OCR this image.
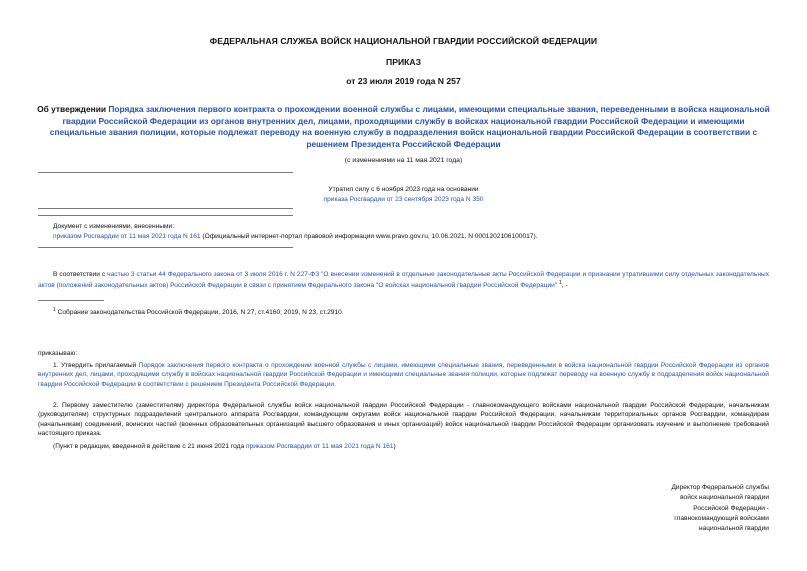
ФЕДЕРАЛЬНАЯ СЛУЖБА ВОЙСК НАЦИОНАЛЬНОЙ ГВАРДИИ РОССИЙСКОЙ ФЕДЕРАЦИИ
ПРИКАЗ
от 23 июля 2019 года N 257
Об утверждении Порядка заключения первого контракта о прохождении военной службы с лицами, имеющими специальные звания, переведенными в войска национальной гвардии Российской Федерации из органов внутренних дел, лицами, проходящими службу в войсках национальной гвардии Российской Федерации и имеющими специальные звания полиции, которые подлежат переводу на военную службу в подразделения войск национальной гвардии Российской Федерации в соответствии с решением Президента Российской Федерации
(с изменениями на 11 мая 2021 года)
Утратил силу с 6 ноября 2023 года на основании
приказа Росгвардии от 23 сентября 2023 года N 350
Документ с изменениями, внесенными:
приказом Росгвардии от 11 мая 2021 года N 161 (Официальный интернет-портал правовой информации www.pravo.gov.ru, 10.06.2021, N 0001202106100017).
В соответствии с частью 3 статьи 44 Федерального закона от 3 июля 2016 г. N 227-ФЗ "О внесении изменений в отдельные законодательные акты Российской Федерации и признании утратившими силу отдельных законодательных актов (положений законодательных актов) Российской Федерации в связи с принятием Федерального закона "О войсках национальной гвардии Российской Федерации" $^1$, -
$^1$ Собрание законодательства Российской Федерации, 2016, N 27, ст.4160; 2019, N 23, ст.2910.
приказываю:
1. Утвердить прилагаемый Порядок заключения первого контракта о прохождении военной службы с лицами, имеющими специальные звания, переведенными в войска национальной гвардии Российской Федерации из органов внутренних дел, лицами, проходящими службу в войсках национальной гвардии Российской Федерации и имеющими специальные звания полиции, которые подлежат переводу на военную службу в подразделения войск национальной гвардии Российской Федерации в соответствии с решением Президента Российской Федерации.
2. Первому заместителю (заместителям) директора Федеральной службы войск национальной гвардии Российской Федерации - главнокомандующего войсками национальной гвардии Российской Федерации, начальникам (руководителям) структурных подразделений центрального аппарата Росгвардии, командующим округами войск национальной гвардии Российской Федерации, начальникам территориальных органов Росгвардии, командирам (начальникам) соединений, воинских частей (военных образовательных организаций высшего образования и иных организаций) войск национальной гвардии Российской Федерации организовать изучение и выполнение требований настоящего приказа.
(Пункт в редакции, введенной в действие с 21 июня 2021 года приказом Росгвардии от 11 мая 2021 года N 161)
Директор Федеральной службы
войск национальной гвардии
Российской Федерации -
главнокомандующий войсками
национальной гвардии
